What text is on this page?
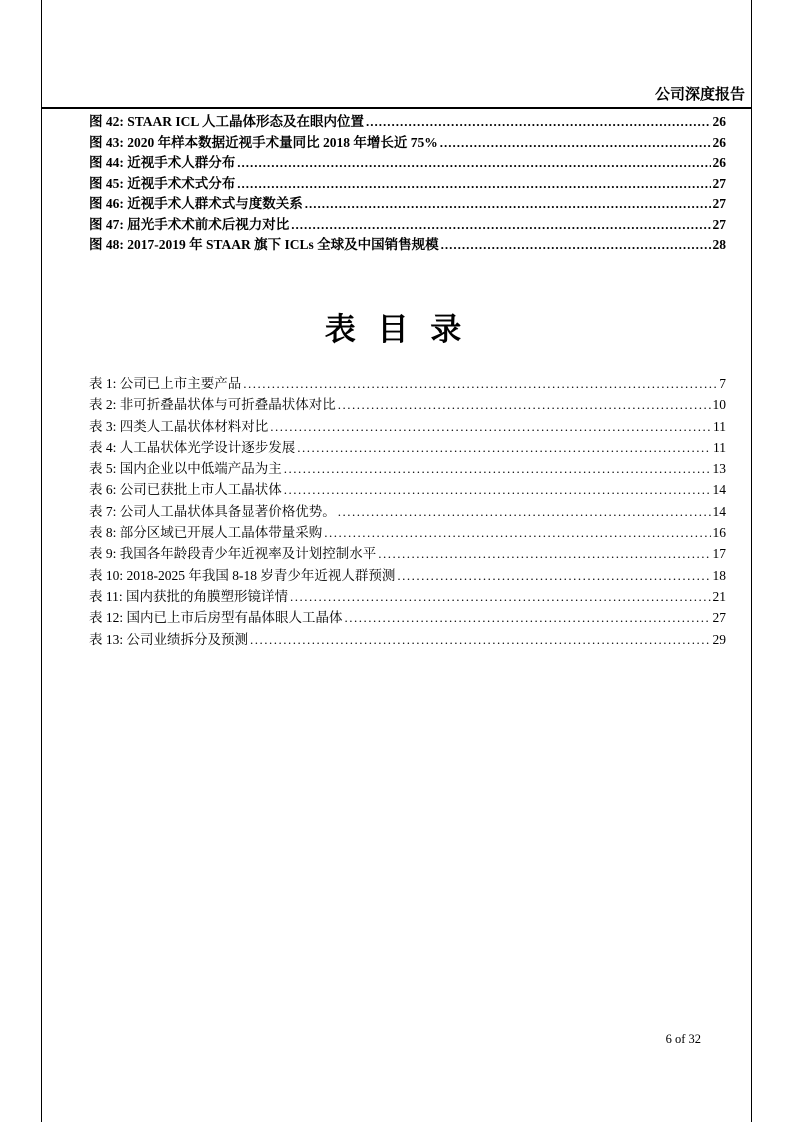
公司深度报告
图 42: STAAR ICL 人工晶体形态及在眼内位置 .....	26
图 43: 2020 年样本数据近视手术量同比 2018 年增长近 75% .....	26
图 44: 近视手术人群分布 .....	26
图 45: 近视手术术式分布 .....	27
图 46: 近视手术人群术式与度数关系 .....	27
图 47: 屈光手术术前术后视力对比 .....	27
图 48: 2017-2019 年 STAAR 旗下 ICLs 全球及中国销售规模 .....	28
表 目 录
表 1: 公司已上市主要产品 .....	7
表 2: 非可折叠晶状体与可折叠晶状体对比 .....	10
表 3: 四类人工晶状体材料对比 .....	11
表 4: 人工晶状体光学设计逐步发展 .....	11
表 5: 国内企业以中低端产品为主 .....	13
表 6: 公司已获批上市人工晶状体 .....	14
表 7: 公司人工晶状体具备显著价格优势。 .....	14
表 8: 部分区域已开展人工晶体带量采购 .....	16
表 9: 我国各年龄段青少年近视率及计划控制水平 .....	17
表 10: 2018-2025 年我国 8-18 岁青少年近视人群预测 .....	18
表 11: 国内获批的角膜塑形镜详情 .....	21
表 12: 国内已上市后房型有晶体眼人工晶体 .....	27
表 13: 公司业绩拆分及预测 .....	29
6 of 32
